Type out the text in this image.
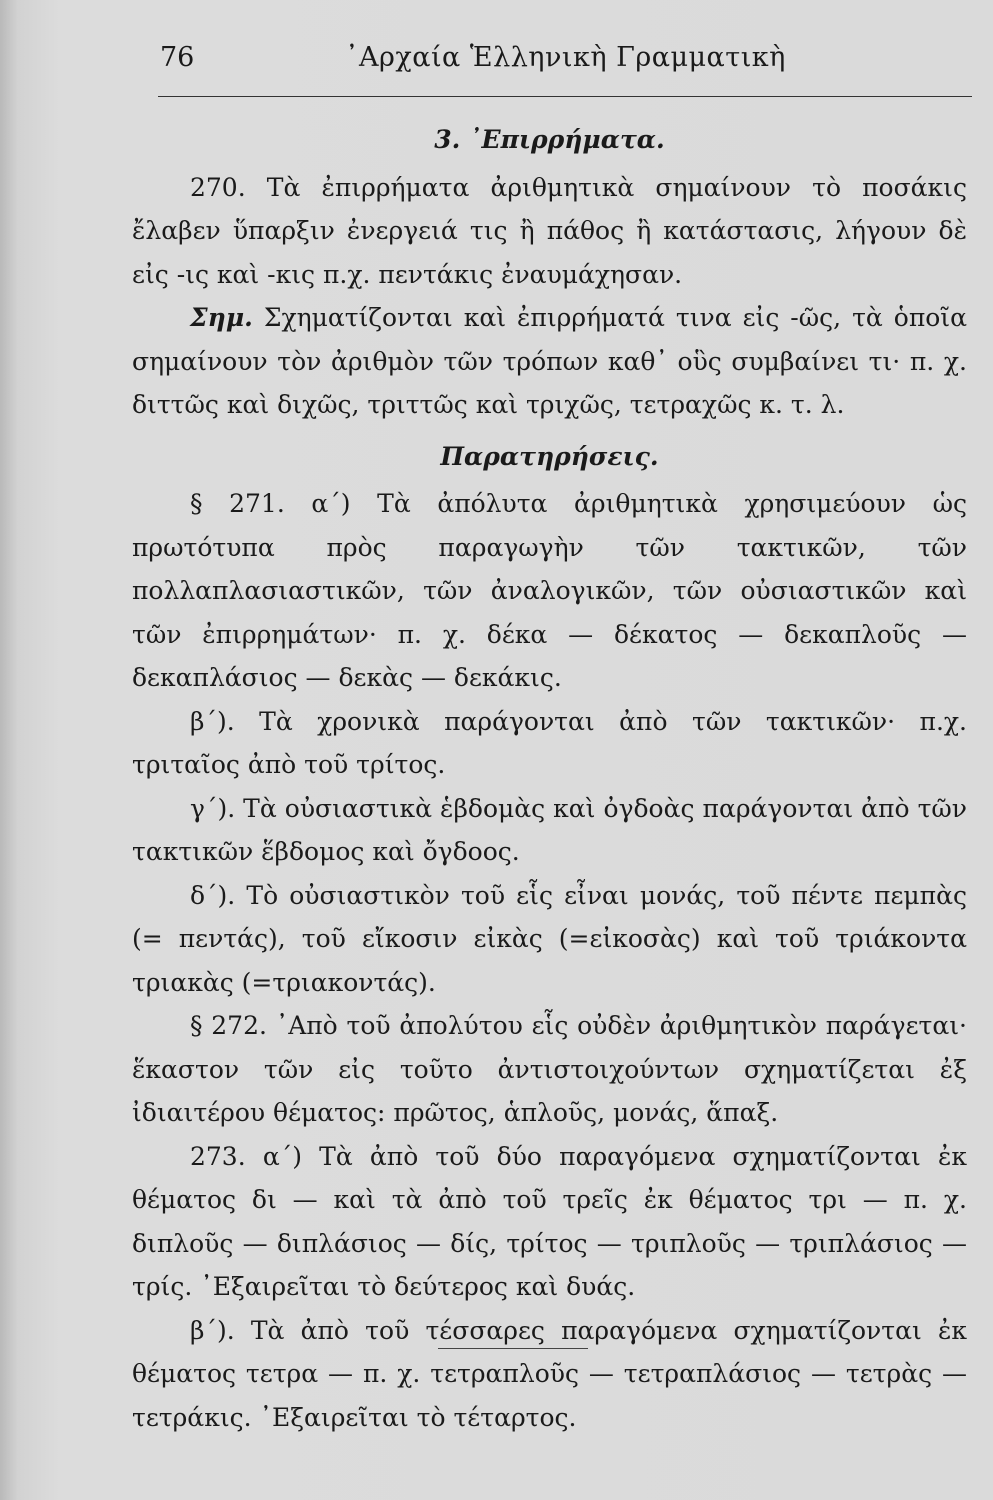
76	᾿Αρχαία Ἑλληνικὴ Γραμματικὴ
3. ᾿Επιρρήματα.

270. Τὰ ἐπιρρήματα ἀριθμητικὰ σημαίνουν τὸ ποσάκις ἔλαβεν ὕπαρξιν ἐνεργειά τις ἢ πάθος ἢ κατάστασις, λήγουν δὲ εἰς -ις καὶ -κις π.χ. πεντάκις ἐναυμάχησαν.

Σημ. Σχηματίζονται καὶ ἐπιρρήματά τινα εἰς -ῶς, τὰ ὁποῖα σημαίνουν τὸν ἀριθμὸν τῶν τρόπων καθ᾿ οὓς συμβαίνει τι· π. χ. διττῶς καὶ διχῶς, τριττῶς καὶ τριχῶς, τετραχῶς κ. τ. λ.

Παρατηρήσεις.

§ 271. α΄) Τὰ ἀπόλυτα ἀριθμητικὰ χρησιμεύουν ὡς πρωτότυπα πρὸς παραγωγὴν τῶν τακτικῶν, τῶν πολλαπλασιαστικῶν, τῶν ἀναλογικῶν, τῶν οὐσιαστικῶν καὶ τῶν ἐπιρρημάτων· π. χ. δέκα — δέκατος — δεκαπλοῦς — δεκαπλάσιος — δεκὰς — δεκάκις.

β΄). Τὰ χρονικὰ παράγονται ἀπὸ τῶν τακτικῶν· π.χ. τριταῖος ἀπὸ τοῦ τρίτος.

γ΄). Τὰ οὐσιαστικὰ ἑβδομὰς καὶ ὀγδοὰς παράγονται ἀπὸ τῶν τακτικῶν ἕβδομος καὶ ὄγδοος.

δ΄). Τὸ οὐσιαστικὸν τοῦ εἷς εἶναι μονάς, τοῦ πέντε πεμπὰς (= πεντάς), τοῦ εἴκοσιν εἰκὰς (=εἰκοσὰς) καὶ τοῦ τριάκοντα τριακὰς (=τριακοντάς).

§ 272. ᾿Απὸ τοῦ ἀπολύτου εἷς οὐδὲν ἀριθμητικὸν παράγεται· ἕκαστον τῶν εἰς τοῦτο ἀντιστοιχούντων σχηματίζεται ἐξ ἰδιαιτέρου θέματος: πρῶτος, ἁπλοῦς, μονάς, ἅπαξ.

273. α΄) Τὰ ἀπὸ τοῦ δύο παραγόμενα σχηματίζονται ἐκ θέματος δι — καὶ τὰ ἀπὸ τοῦ τρεῖς ἐκ θέματος τρι — π. χ. διπλοῦς — διπλάσιος — δίς, τρίτος — τριπλοῦς — τριπλάσιος — τρίς. ᾿Εξαιρεῖται τὸ δεύτερος καὶ δυάς.

β΄). Τὰ ἀπὸ τοῦ τέσσαρες παραγόμενα σχηματίζονται ἐκ θέματος τετρα — π. χ. τετραπλοῦς — τετραπλάσιος — τετρὰς — τετράκις. ᾿Εξαιρεῖται τὸ τέταρτος.
